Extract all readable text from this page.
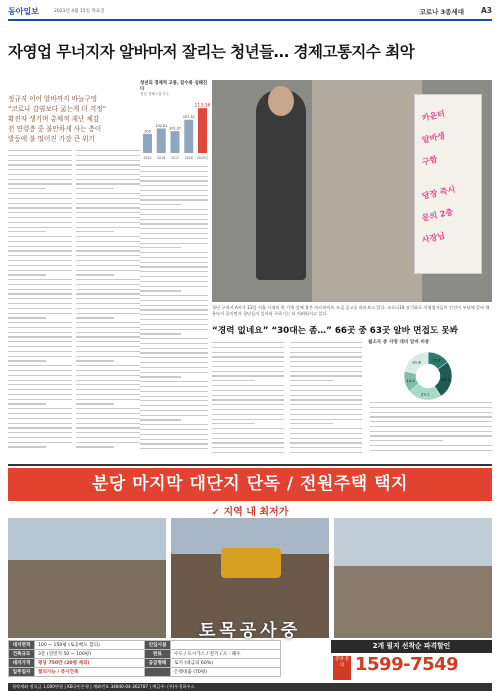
동아일보	2021년 4월 15일 목요일	코로나 3종세대 A3
자영업 무너지자 알바마저 잘리는 청년들… 경제고통지수 최악

정규직 이어 알바까지 바늘구멍

“코로나 감염보다 굶는게 더 걱정”

확진자 생기며 총체적 재난 체감

전 연령층 중 불안하게 사는 층이

발등에 불 떨어진 가장 큰 위기

청년의 경제적 고통, 갈수록 심해진다
청년 경제고통지수
100
2015
102.81
2016
101.37
2017
107.32
2018
113.36
2020년
카운터
알바생
구함
당장 즉시
문의 2층
사장님
청년 구직자 A씨가 13일 서울 시내의 한 가게 앞에 붙은 아르바이트 모집 공고를 바라보고 있다. 코로나19 장기화로 자영업자들이 인건비 부담에 알바 채용마저 줄이면서 청년들의 일자리 구하기는 더 어려워지고 있다.
“경력 없네요” “30대는 좀…” 66곳 중 63곳 알바 면접도 못봐
월소득 중 자영 대비 알바 비중
15.2
25.7
23.1
14.2
21.8
분당 마지막 대단지 단독 / 전원주택 택지
✓ 지역 내 최저가
토목공사중
대지면적	100 ~ 150평 (토공배포 합의)	인입시설	
건축규모	3층 (연면적 50 ~ 100평)	완료	수도 / 도시가스 / 전기 / 오 · 폐수
대지가격	평당 750만 (20평 제외)	공급형태	토지 (대금의 60%)
입주일자	협의가능 / 즉시건축		은행대출 (70평)
2개 필지 선착순 파격할인
분양 문의 1599-7549
청약계좌 정식금 1,000만원 | KB국민은행 | 계좌번호 34840-04-362787 | 예금주: (주)우경하우스
